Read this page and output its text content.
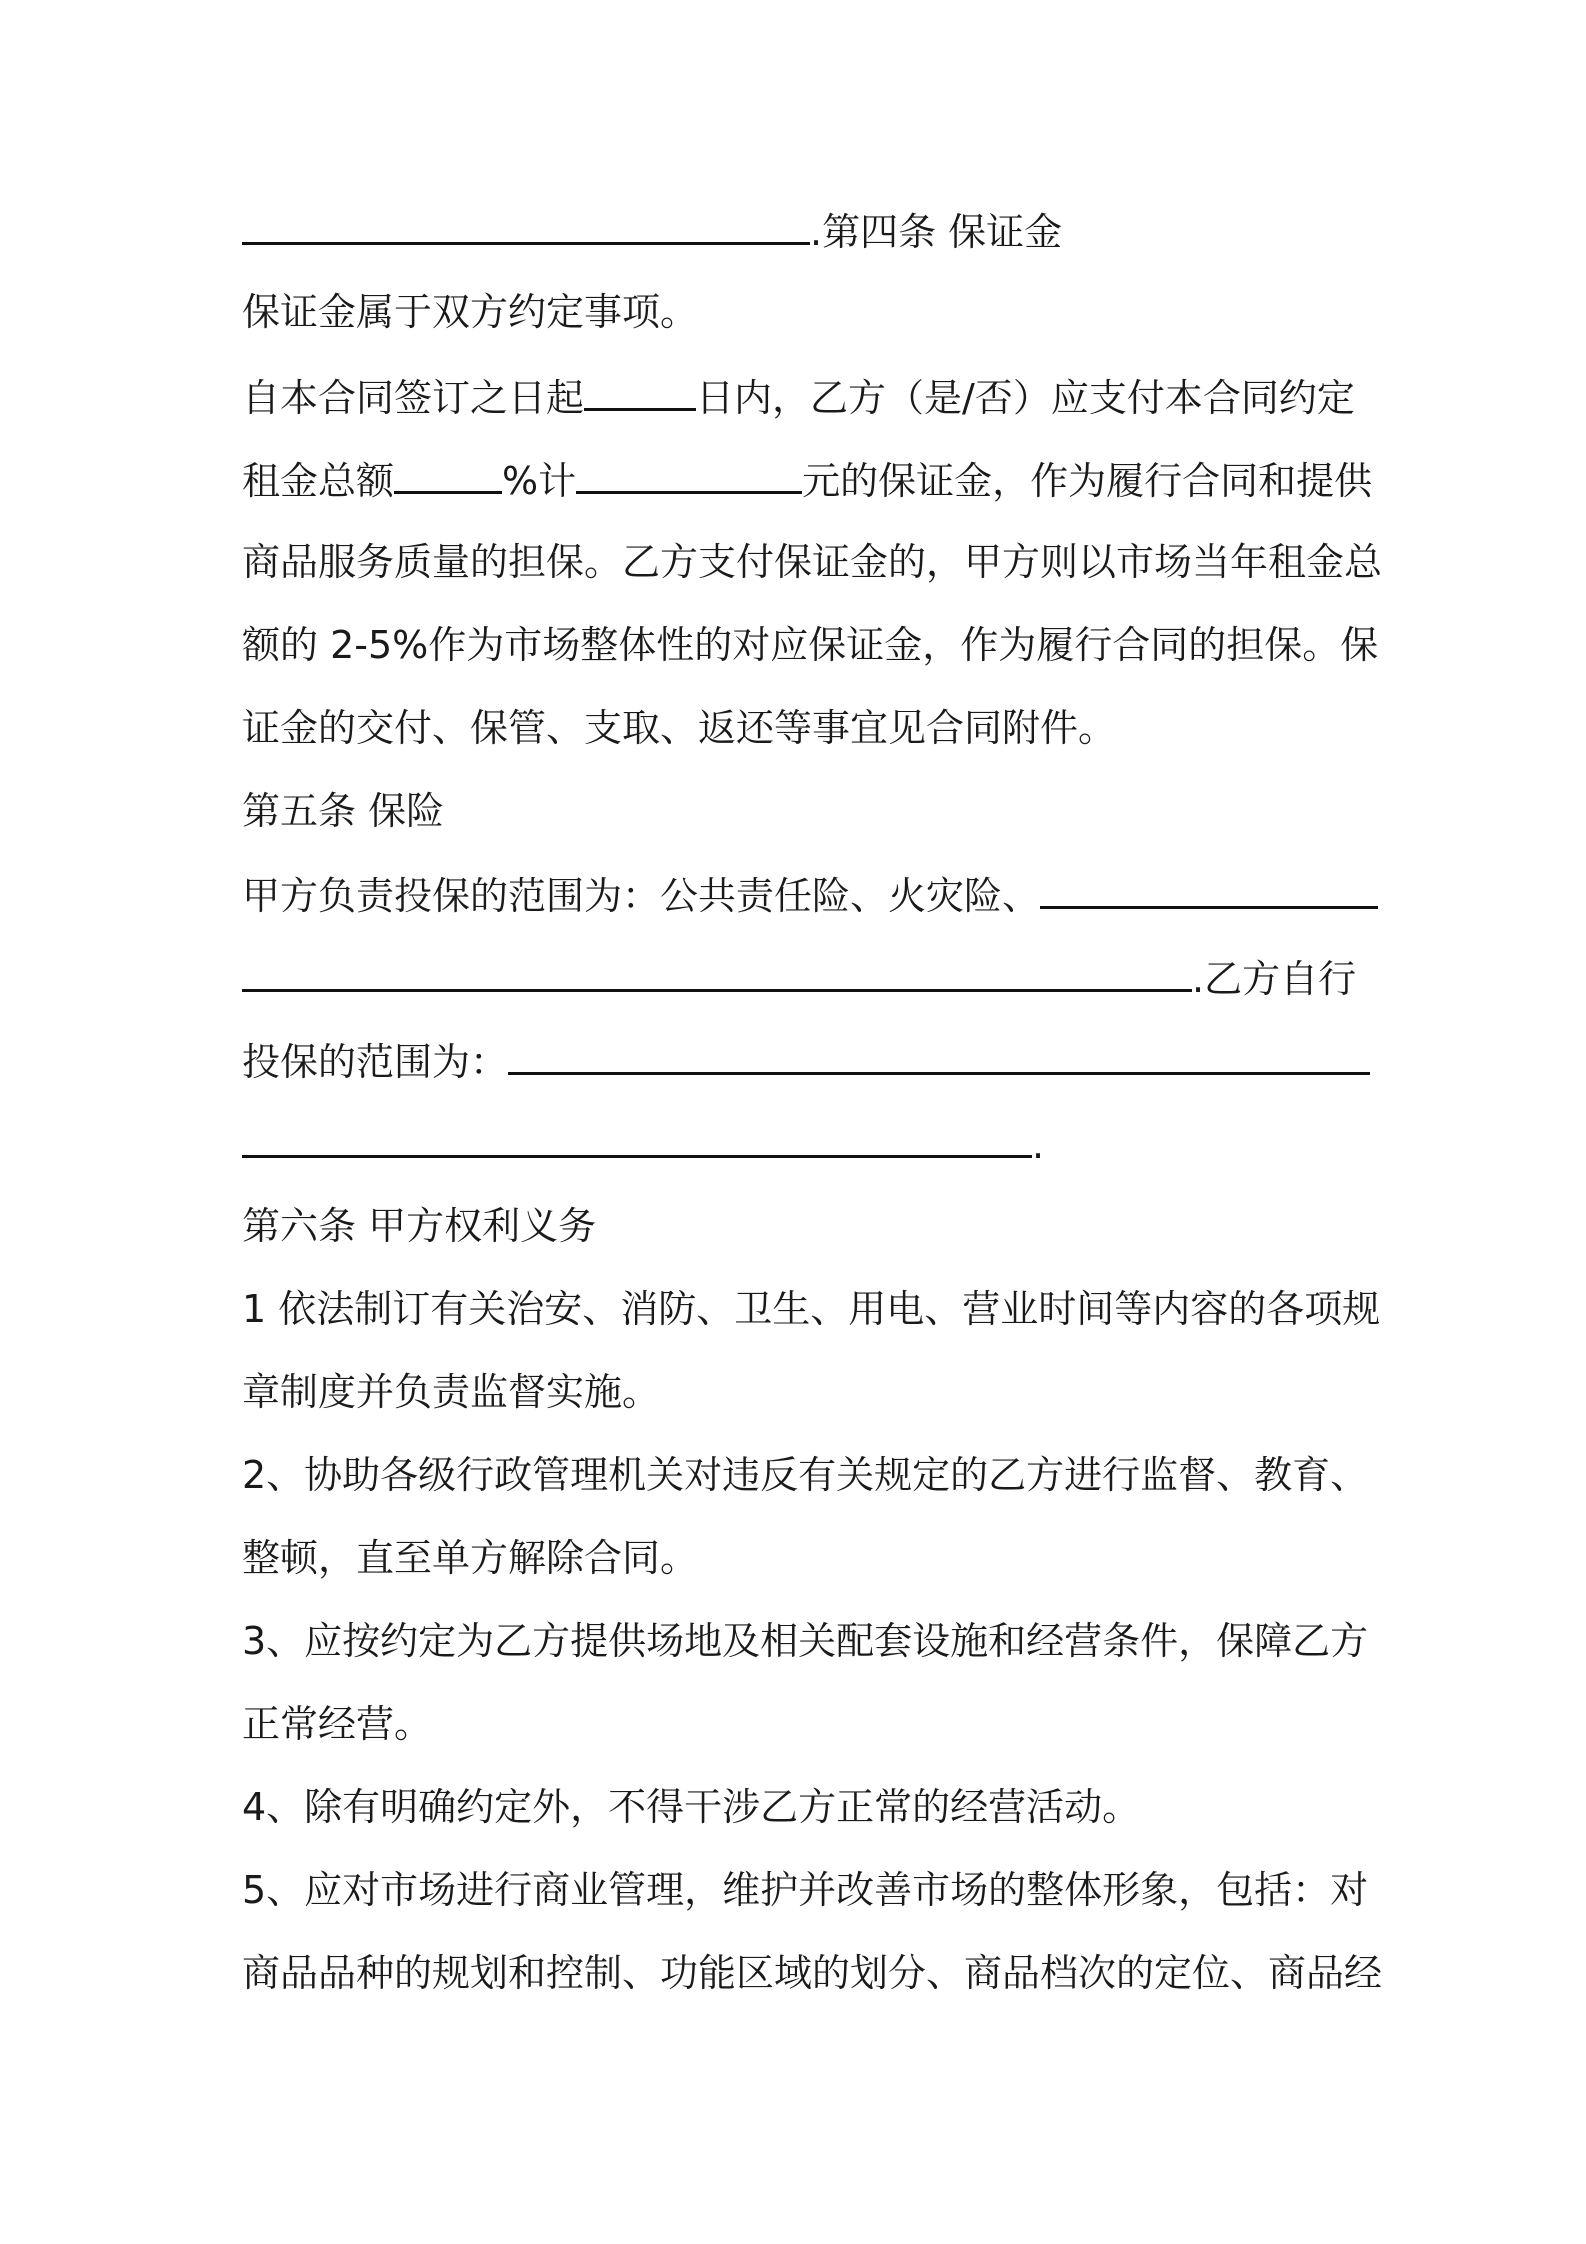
.第四条 保证金
保证金属于双方约定事项。
自本合同签订之日起	日内，乙方（是/否）应支付本合同约定
租金总额	%计	元的保证金，作为履行合同和提供
商品服务质量的担保。乙方支付保证金的，甲方则以市场当年租金总
额的 2-5%作为市场整体性的对应保证金，作为履行合同的担保。保
证金的交付、保管、支取、返还等事宜见合同附件。
第五条 保险
甲方负责投保的范围为：公共责任险、火灾险、
.乙方自行
投保的范围为：
.
第六条 甲方权利义务
1 依法制订有关治安、消防、卫生、用电、营业时间等内容的各项规
章制度并负责监督实施。
2、协助各级行政管理机关对违反有关规定的乙方进行监督、教育、
整顿，直至单方解除合同。
3、应按约定为乙方提供场地及相关配套设施和经营条件，保障乙方
正常经营。
4、除有明确约定外，不得干涉乙方正常的经营活动。
5、应对市场进行商业管理，维护并改善市场的整体形象，包括：对
商品品种的规划和控制、功能区域的划分、商品档次的定位、商品经
